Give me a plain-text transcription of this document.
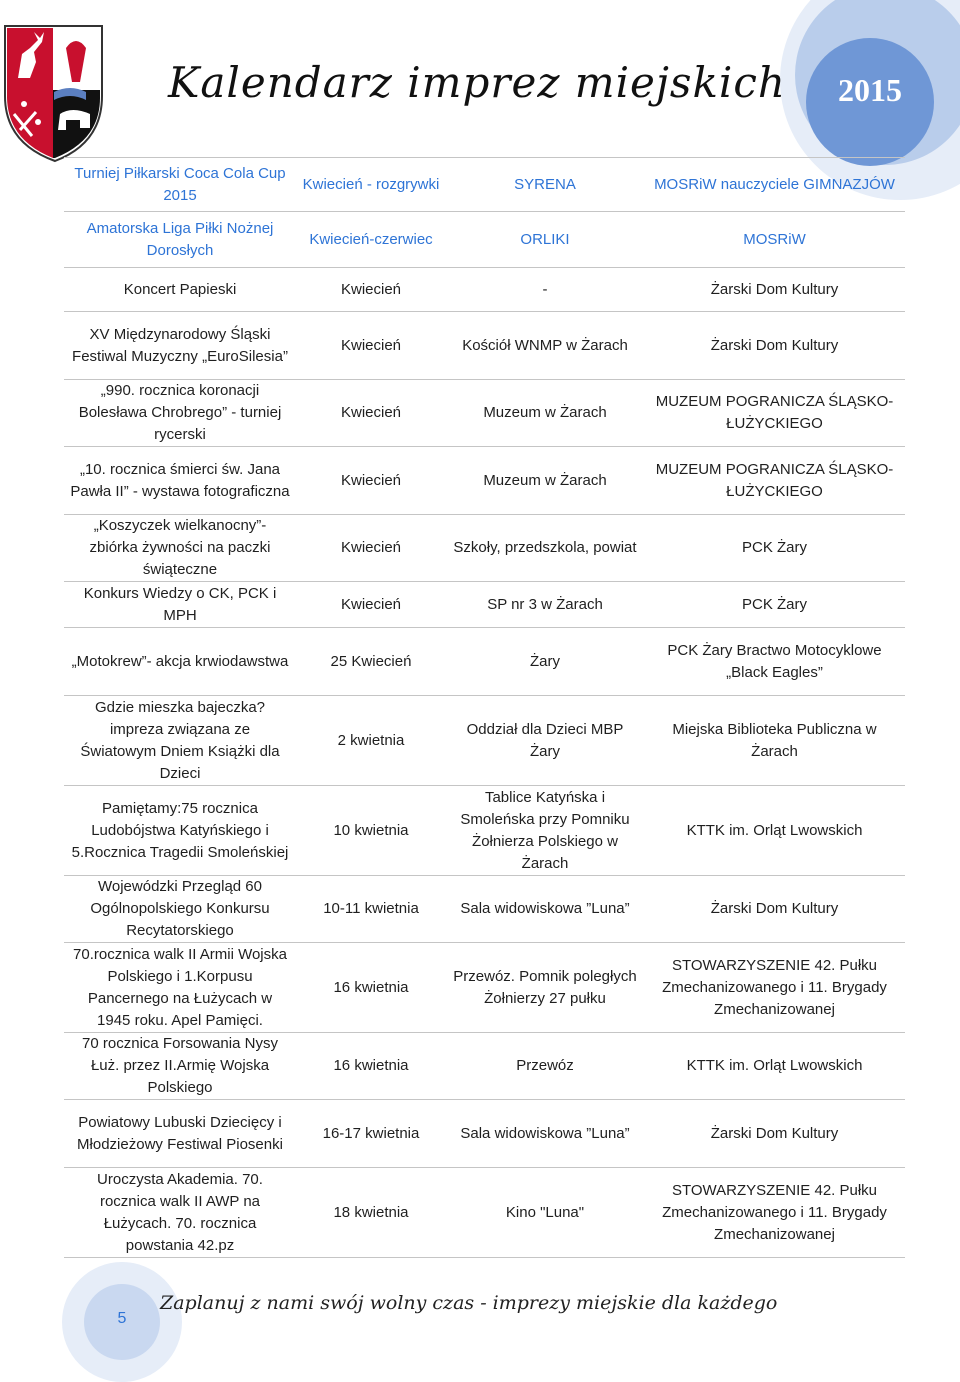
Kalendarz imprez miejskich	2015
Turniej Piłkarski Coca Cola Cup 2015	Kwiecień - rozgrywki	SYRENA	MOSRiW nauczyciele GIMNAZJÓW
Amatorska Liga Piłki Nożnej Dorosłych	Kwiecień-czerwiec	ORLIKI	MOSRiW
Koncert Papieski	Kwiecień	-	Żarski Dom Kultury
XV Międzynarodowy Śląski Festiwal Muzyczny „EuroSilesia”	Kwiecień	Kościół WNMP w Żarach	Żarski Dom Kultury
„990. rocznica koronacji Bolesława Chrobrego” - turniej rycerski	Kwiecień	Muzeum w Żarach	MUZEUM POGRANICZA ŚLĄSKO-ŁUŻYCKIEGO
„10. rocznica śmierci św. Jana Pawła II” - wystawa fotograficzna	Kwiecień	Muzeum w Żarach	MUZEUM POGRANICZA ŚLĄSKO-ŁUŻYCKIEGO
„Koszyczek wielkanocny”- zbiórka żywności na paczki świąteczne	Kwiecień	Szkoły, przedszkola, powiat	PCK Żary
Konkurs Wiedzy o CK, PCK i MPH	Kwiecień	SP nr 3 w Żarach	PCK Żary
„Motokrew”- akcja krwiodawstwa	25 Kwiecień	Żary	PCK Żary Bractwo Motocyklowe „Black Eagles”
Gdzie mieszka bajeczka? impreza związana ze Światowym Dniem Książki dla Dzieci	2 kwietnia	Oddział dla Dzieci MBP Żary	Miejska Biblioteka Publiczna w Żarach
Pamiętamy:75 rocznica Ludobójstwa Katyńskiego i 5.Rocznica Tragedii Smoleńskiej	10 kwietnia	Tablice Katyńska i Smoleńska przy Pomniku Żołnierza Polskiego w Żarach	KTTK im. Orląt Lwowskich
Wojewódzki Przegląd 60 Ogólnopolskiego Konkursu Recytatorskiego	10-11 kwietnia	Sala widowiskowa ”Luna”	Żarski Dom Kultury
70.rocznica walk II Armii Wojska Polskiego i 1.Korpusu Pancernego na Łużycach w 1945 roku. Apel Pamięci.	16 kwietnia	Przewóz. Pomnik poległych Żołnierzy 27 pułku	STOWARZYSZENIE 42. Pułku Zmechanizowanego i 11. Brygady Zmechanizowanej
70 rocznica Forsowania Nysy Łuż. przez II.Armię Wojska Polskiego	16 kwietnia	Przewóz	KTTK im. Orląt Lwowskich
Powiatowy Lubuski Dziecięcy i Młodzieżowy Festiwal Piosenki	16-17 kwietnia	Sala widowiskowa ”Luna”	Żarski Dom Kultury
Uroczysta Akademia. 70. rocznica walk II AWP na Łużycach. 70. rocznica powstania 42.pz	18 kwietnia	Kino "Luna"	STOWARZYSZENIE 42. Pułku Zmechanizowanego i 11. Brygady Zmechanizowanej
5
Zaplanuj z nami swój wolny czas - imprezy miejskie dla każdego
